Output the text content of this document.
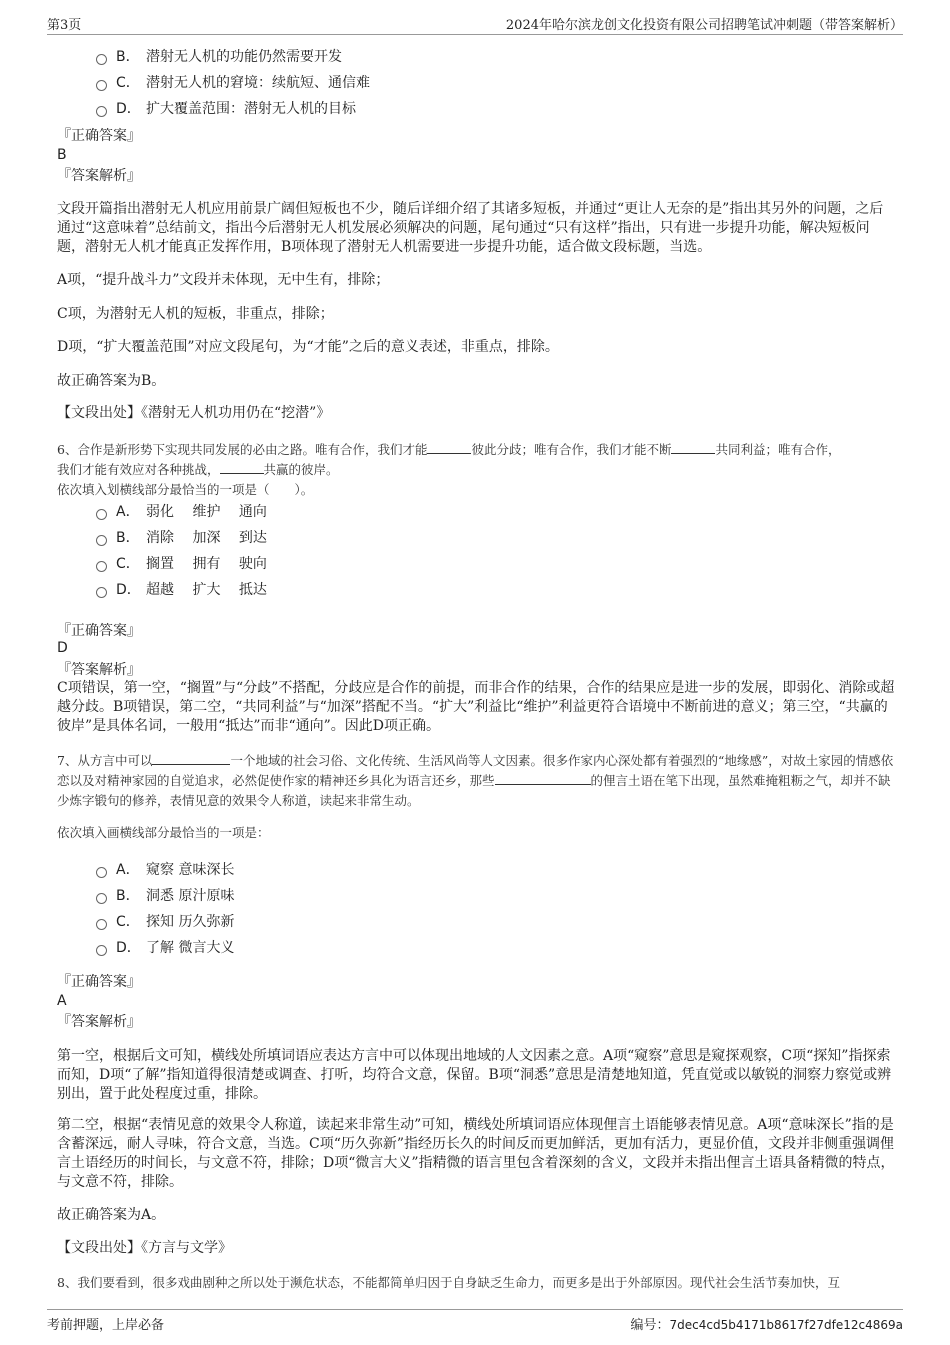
第3页	2024年哈尔滨龙创文化投资有限公司招聘笔试冲刺题（带答案解析）
B． 潜射无人机的功能仍然需要开发
C． 潜射无人机的窘境：续航短、通信难
D． 扩大覆盖范围：潜射无人机的目标
『正确答案』
B
『答案解析』
文段开篇指出潜射无人机应用前景广阔但短板也不少，随后详细介绍了其诸多短板，并通过“更让人无奈的是”指出其另外的问题，之后通过“这意味着”总结前文，指出今后潜射无人机发展必须解决的问题，尾句通过“只有这样”指出，只有进一步提升功能，解决短板问题，潜射无人机才能真正发挥作用，B项体现了潜射无人机需要进一步提升功能，适合做文段标题，当选。
A项，“提升战斗力”文段并未体现，无中生有，排除；
C项，为潜射无人机的短板，非重点，排除；
D项，“扩大覆盖范围”对应文段尾句，为“才能”之后的意义表述，非重点，排除。
故正确答案为B。
【文段出处】《潜射无人机功用仍在“挖潜”》
6、合作是新形势下实现共同发展的必由之路。唯有合作，我们才能	彼此分歧；唯有合作，我们才能不断	共同利益；唯有合作，
我们才能有效应对各种挑战，	共赢的彼岸。
依次填入划横线部分最恰当的一项是（　　）。
A． 弱化　 维护　 通向
B． 消除　 加深　 到达
C． 搁置　 拥有　 驶向
D． 超越　 扩大　 抵达
『正确答案』
D
『答案解析』
C项错误，第一空，“搁置”与“分歧”不搭配，分歧应是合作的前提，而非合作的结果，合作的结果应是进一步的发展，即弱化、消除或超越分歧。B项错误，第二空，“共同利益”与“加深”搭配不当。“扩大”利益比“维护”利益更符合语境中不断前进的意义；第三空，“共赢的彼岸”是具体名词，一般用“抵达”而非“通向”。因此D项正确。
7、从方言中可以	一个地域的社会习俗、文化传统、生活风尚等人文因素。很多作家内心深处都有着强烈的“地缘感”，对故土家园的情感依恋以及对精神家园的自觉追求，必然促使作家的精神还乡具化为语言还乡，那些	的俚言土语在笔下出现，虽然难掩粗粝之气，却并不缺少炼字锻句的修养，表情见意的效果令人称道，读起来非常生动。
依次填入画横线部分最恰当的一项是：
A． 窥察 意味深长
B． 洞悉 原汁原味
C． 探知 历久弥新
D． 了解 微言大义
『正确答案』
A
『答案解析』
第一空，根据后文可知，横线处所填词语应表达方言中可以体现出地域的人文因素之意。A项“窥察”意思是窥探观察，C项“探知”指探索而知，D项“了解”指知道得很清楚或调查、打听，均符合文意，保留。B项“洞悉”意思是清楚地知道，凭直觉或以敏锐的洞察力察觉或辨别出，置于此处程度过重，排除。
第二空，根据“表情见意的效果令人称道，读起来非常生动”可知，横线处所填词语应体现俚言土语能够表情见意。A项“意味深长”指的是含蓄深远，耐人寻味，符合文意，当选。C项“历久弥新”指经历长久的时间反而更加鲜活，更加有活力，更显价值，文段并非侧重强调俚言土语经历的时间长，与文意不符，排除；D项“微言大义”指精微的语言里包含着深刻的含义，文段并未指出俚言土语具备精微的特点，与文意不符，排除。
故正确答案为A。
【文段出处】《方言与文学》
8、我们要看到，很多戏曲剧种之所以处于濒危状态，不能都简单归因于自身缺乏生命力，而更多是出于外部原因。现代社会生活节奏加快，互
考前押题，上岸必备	编号：7dec4cd5b4171b8617f27dfe12c4869a
